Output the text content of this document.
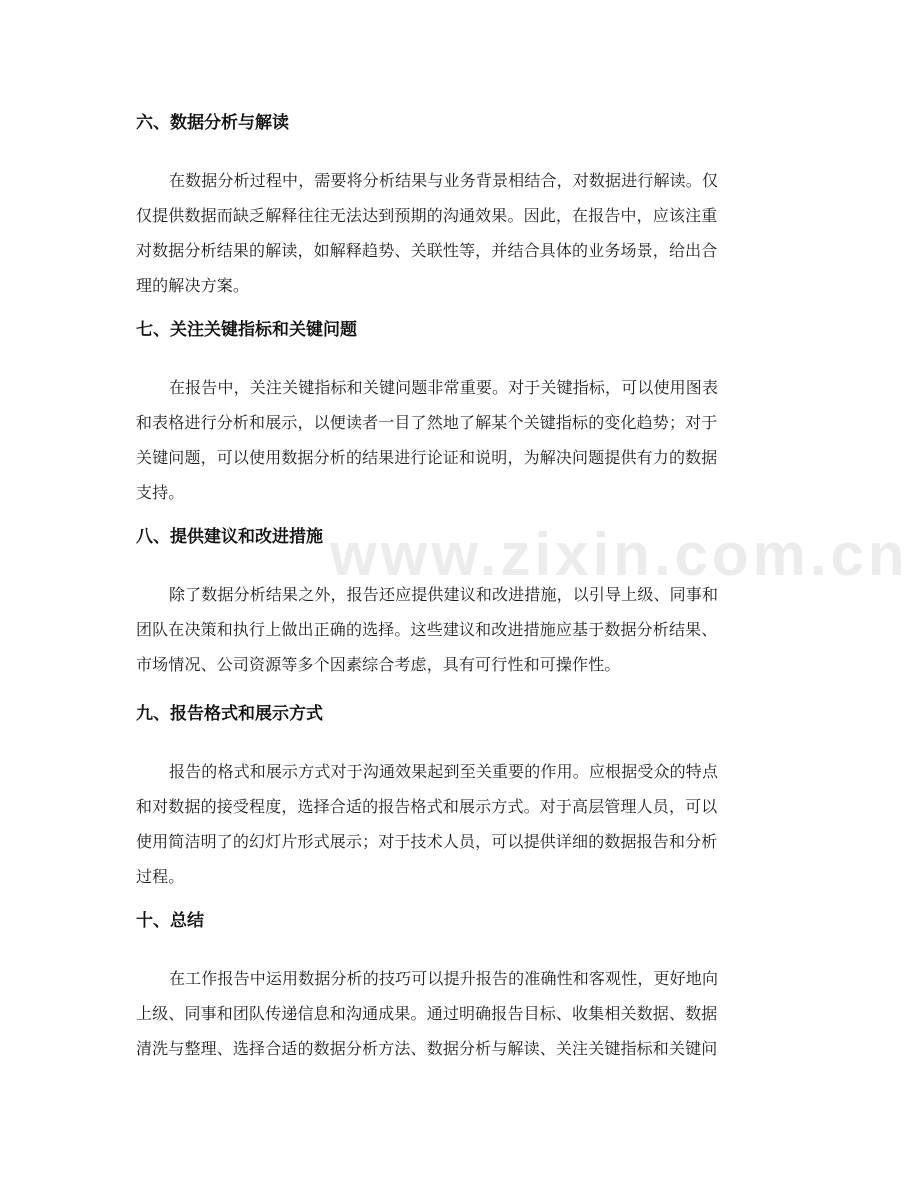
www.zixin.com.cn
六、数据分析与解读

在数据分析过程中，需要将分析结果与业务背景相结合，对数据进行解读。仅

仅提供数据而缺乏解释往往无法达到预期的沟通效果。因此，在报告中，应该注重

对数据分析结果的解读，如解释趋势、关联性等，并结合具体的业务场景，给出合

理的解决方案。

七、关注关键指标和关键问题

在报告中，关注关键指标和关键问题非常重要。对于关键指标，可以使用图表

和表格进行分析和展示，以便读者一目了然地了解某个关键指标的变化趋势；对于

关键问题，可以使用数据分析的结果进行论证和说明，为解决问题提供有力的数据

支持。

八、提供建议和改进措施

除了数据分析结果之外，报告还应提供建议和改进措施，以引导上级、同事和

团队在决策和执行上做出正确的选择。这些建议和改进措施应基于数据分析结果、

市场情况、公司资源等多个因素综合考虑，具有可行性和可操作性。

九、报告格式和展示方式

报告的格式和展示方式对于沟通效果起到至关重要的作用。应根据受众的特点

和对数据的接受程度，选择合适的报告格式和展示方式。对于高层管理人员，可以

使用简洁明了的幻灯片形式展示；对于技术人员，可以提供详细的数据报告和分析

过程。

十、总结

在工作报告中运用数据分析的技巧可以提升报告的准确性和客观性，更好地向

上级、同事和团队传递信息和沟通成果。通过明确报告目标、收集相关数据、数据

清洗与整理、选择合适的数据分析方法、数据分析与解读、关注关键指标和关键问
